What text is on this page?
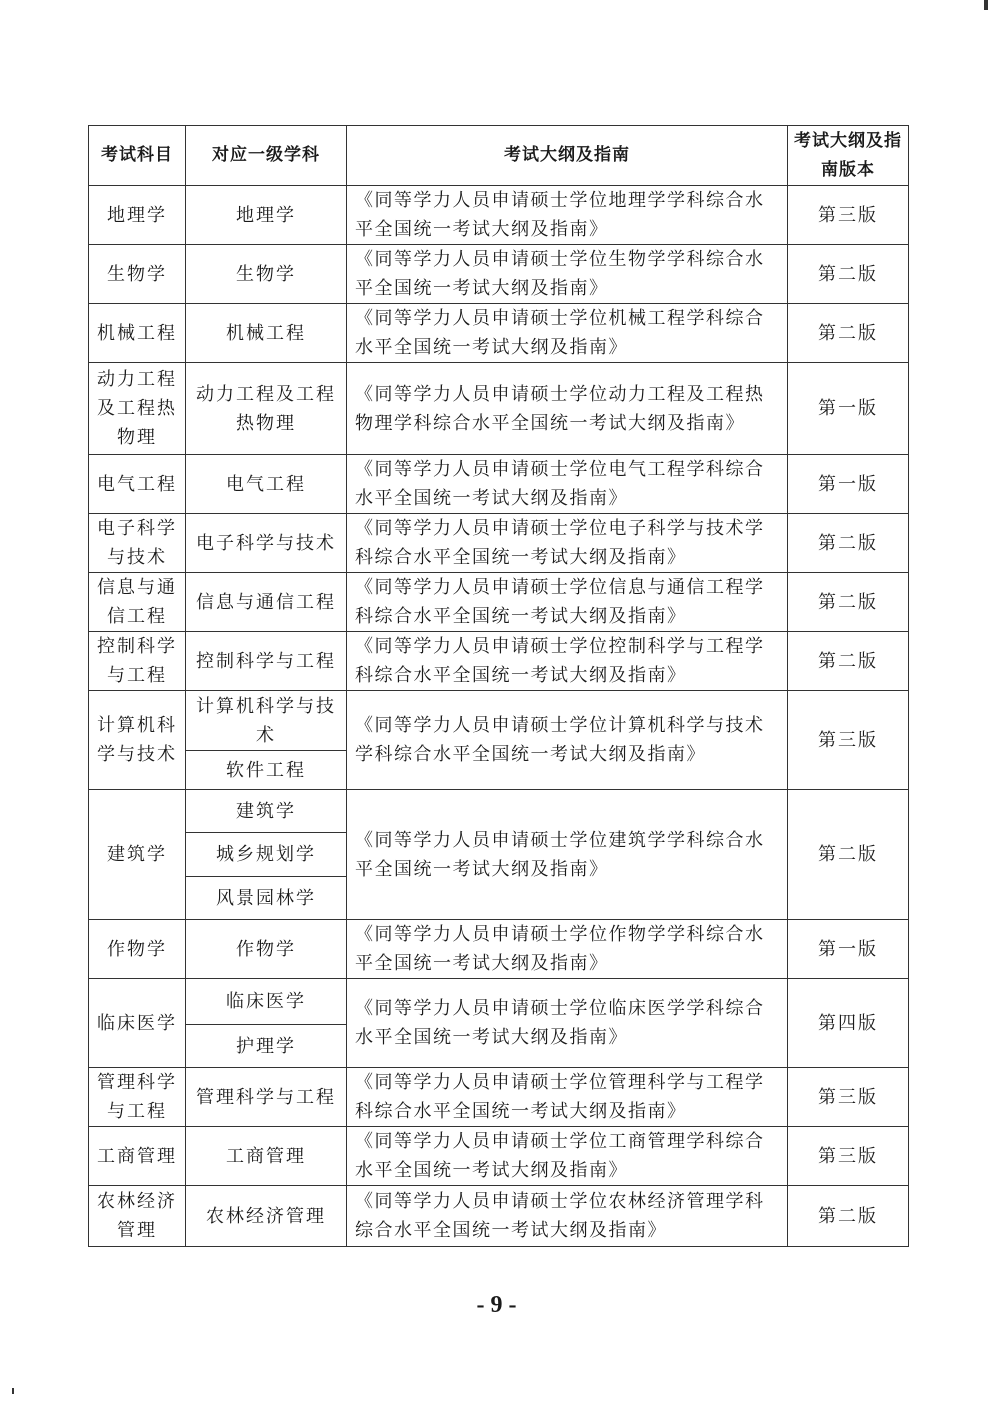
考试科目	对应一级学科	考试大纲及指南	考试大纲及指南版本
地理学	地理学	《同等学力人员申请硕士学位地理学学科综合水平全国统一考试大纲及指南》	第三版
生物学	生物学	《同等学力人员申请硕士学位生物学学科综合水平全国统一考试大纲及指南》	第二版
机械工程	机械工程	《同等学力人员申请硕士学位机械工程学科综合水平全国统一考试大纲及指南》	第二版
动力工程及工程热物理	动力工程及工程热物理	《同等学力人员申请硕士学位动力工程及工程热物理学科综合水平全国统一考试大纲及指南》	第一版
电气工程	电气工程	《同等学力人员申请硕士学位电气工程学科综合水平全国统一考试大纲及指南》	第一版
电子科学与技术	电子科学与技术	《同等学力人员申请硕士学位电子科学与技术学科综合水平全国统一考试大纲及指南》	第二版
信息与通信工程	信息与通信工程	《同等学力人员申请硕士学位信息与通信工程学科综合水平全国统一考试大纲及指南》	第二版
控制科学与工程	控制科学与工程	《同等学力人员申请硕士学位控制科学与工程学科综合水平全国统一考试大纲及指南》	第二版
计算机科学与技术	计算机科学与技术	《同等学力人员申请硕士学位计算机科学与技术学科综合水平全国统一考试大纲及指南》	第三版
	软件工程		
建筑学	建筑学	《同等学力人员申请硕士学位建筑学学科综合水平全国统一考试大纲及指南》	第二版
	城乡规划学		
	风景园林学		
作物学	作物学	《同等学力人员申请硕士学位作物学学科综合水平全国统一考试大纲及指南》	第一版
临床医学	临床医学	《同等学力人员申请硕士学位临床医学学科综合水平全国统一考试大纲及指南》	第四版
	护理学		
管理科学与工程	管理科学与工程	《同等学力人员申请硕士学位管理科学与工程学科综合水平全国统一考试大纲及指南》	第三版
工商管理	工商管理	《同等学力人员申请硕士学位工商管理学科综合水平全国统一考试大纲及指南》	第三版
农林经济管理	农林经济管理	《同等学力人员申请硕士学位农林经济管理学科综合水平全国统一考试大纲及指南》	第二版
- 9 -
